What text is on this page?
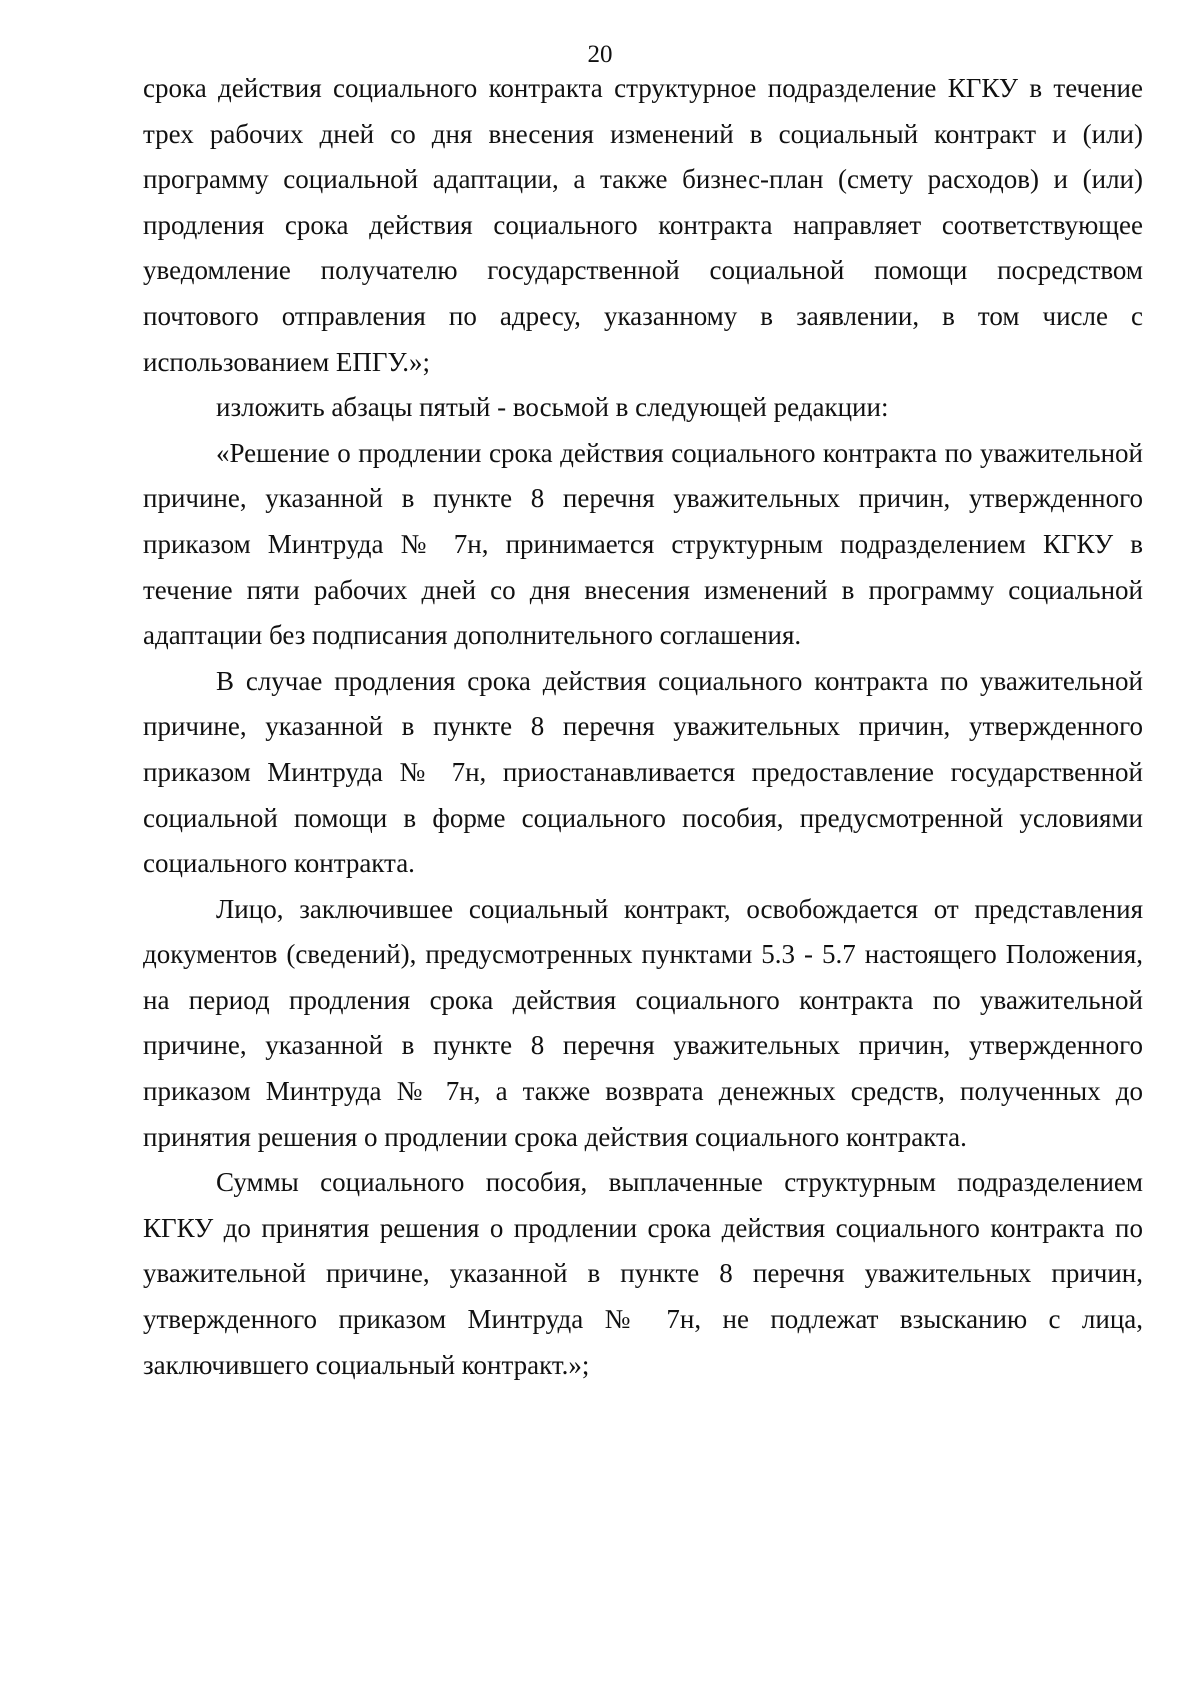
20

срока действия социального контракта структурное подразделение КГКУ в течение трех рабочих дней со дня внесения изменений в социальный контракт и (или) программу социальной адаптации, а также бизнес-план (смету расходов) и (или) продления срока действия социального контракта направляет соответствующее уведомление получателю государственной социальной помощи посредством почтового отправления по адресу, указанному в заявлении, в том числе с использованием ЕПГУ.»;

изложить абзацы пятый - восьмой в следующей редакции:

«Решение о продлении срока действия социального контракта по уважительной причине, указанной в пункте 8 перечня уважительных причин, утвержденного приказом Минтруда № 7н, принимается структурным подразделением КГКУ в течение пяти рабочих дней со дня внесения изменений в программу социальной адаптации без подписания дополнительного соглашения.

В случае продления срока действия социального контракта по уважительной причине, указанной в пункте 8 перечня уважительных причин, утвержденного приказом Минтруда № 7н, приостанавливается предоставление государственной социальной помощи в форме социального пособия, предусмотренной условиями социального контракта.

Лицо, заключившее социальный контракт, освобождается от представления документов (сведений), предусмотренных пунктами 5.3 - 5.7 настоящего Положения, на период продления срока действия социального контракта по уважительной причине, указанной в пункте 8 перечня уважительных причин, утвержденного приказом Минтруда № 7н, а также возврата денежных средств, полученных до принятия решения о продлении срока действия социального контракта.

Суммы социального пособия, выплаченные структурным подразделением КГКУ до принятия решения о продлении срока действия социального контракта по уважительной причине, указанной в пункте 8 перечня уважительных причин, утвержденного приказом Минтруда № 7н, не подлежат взысканию с лица, заключившего социальный контракт.»;
